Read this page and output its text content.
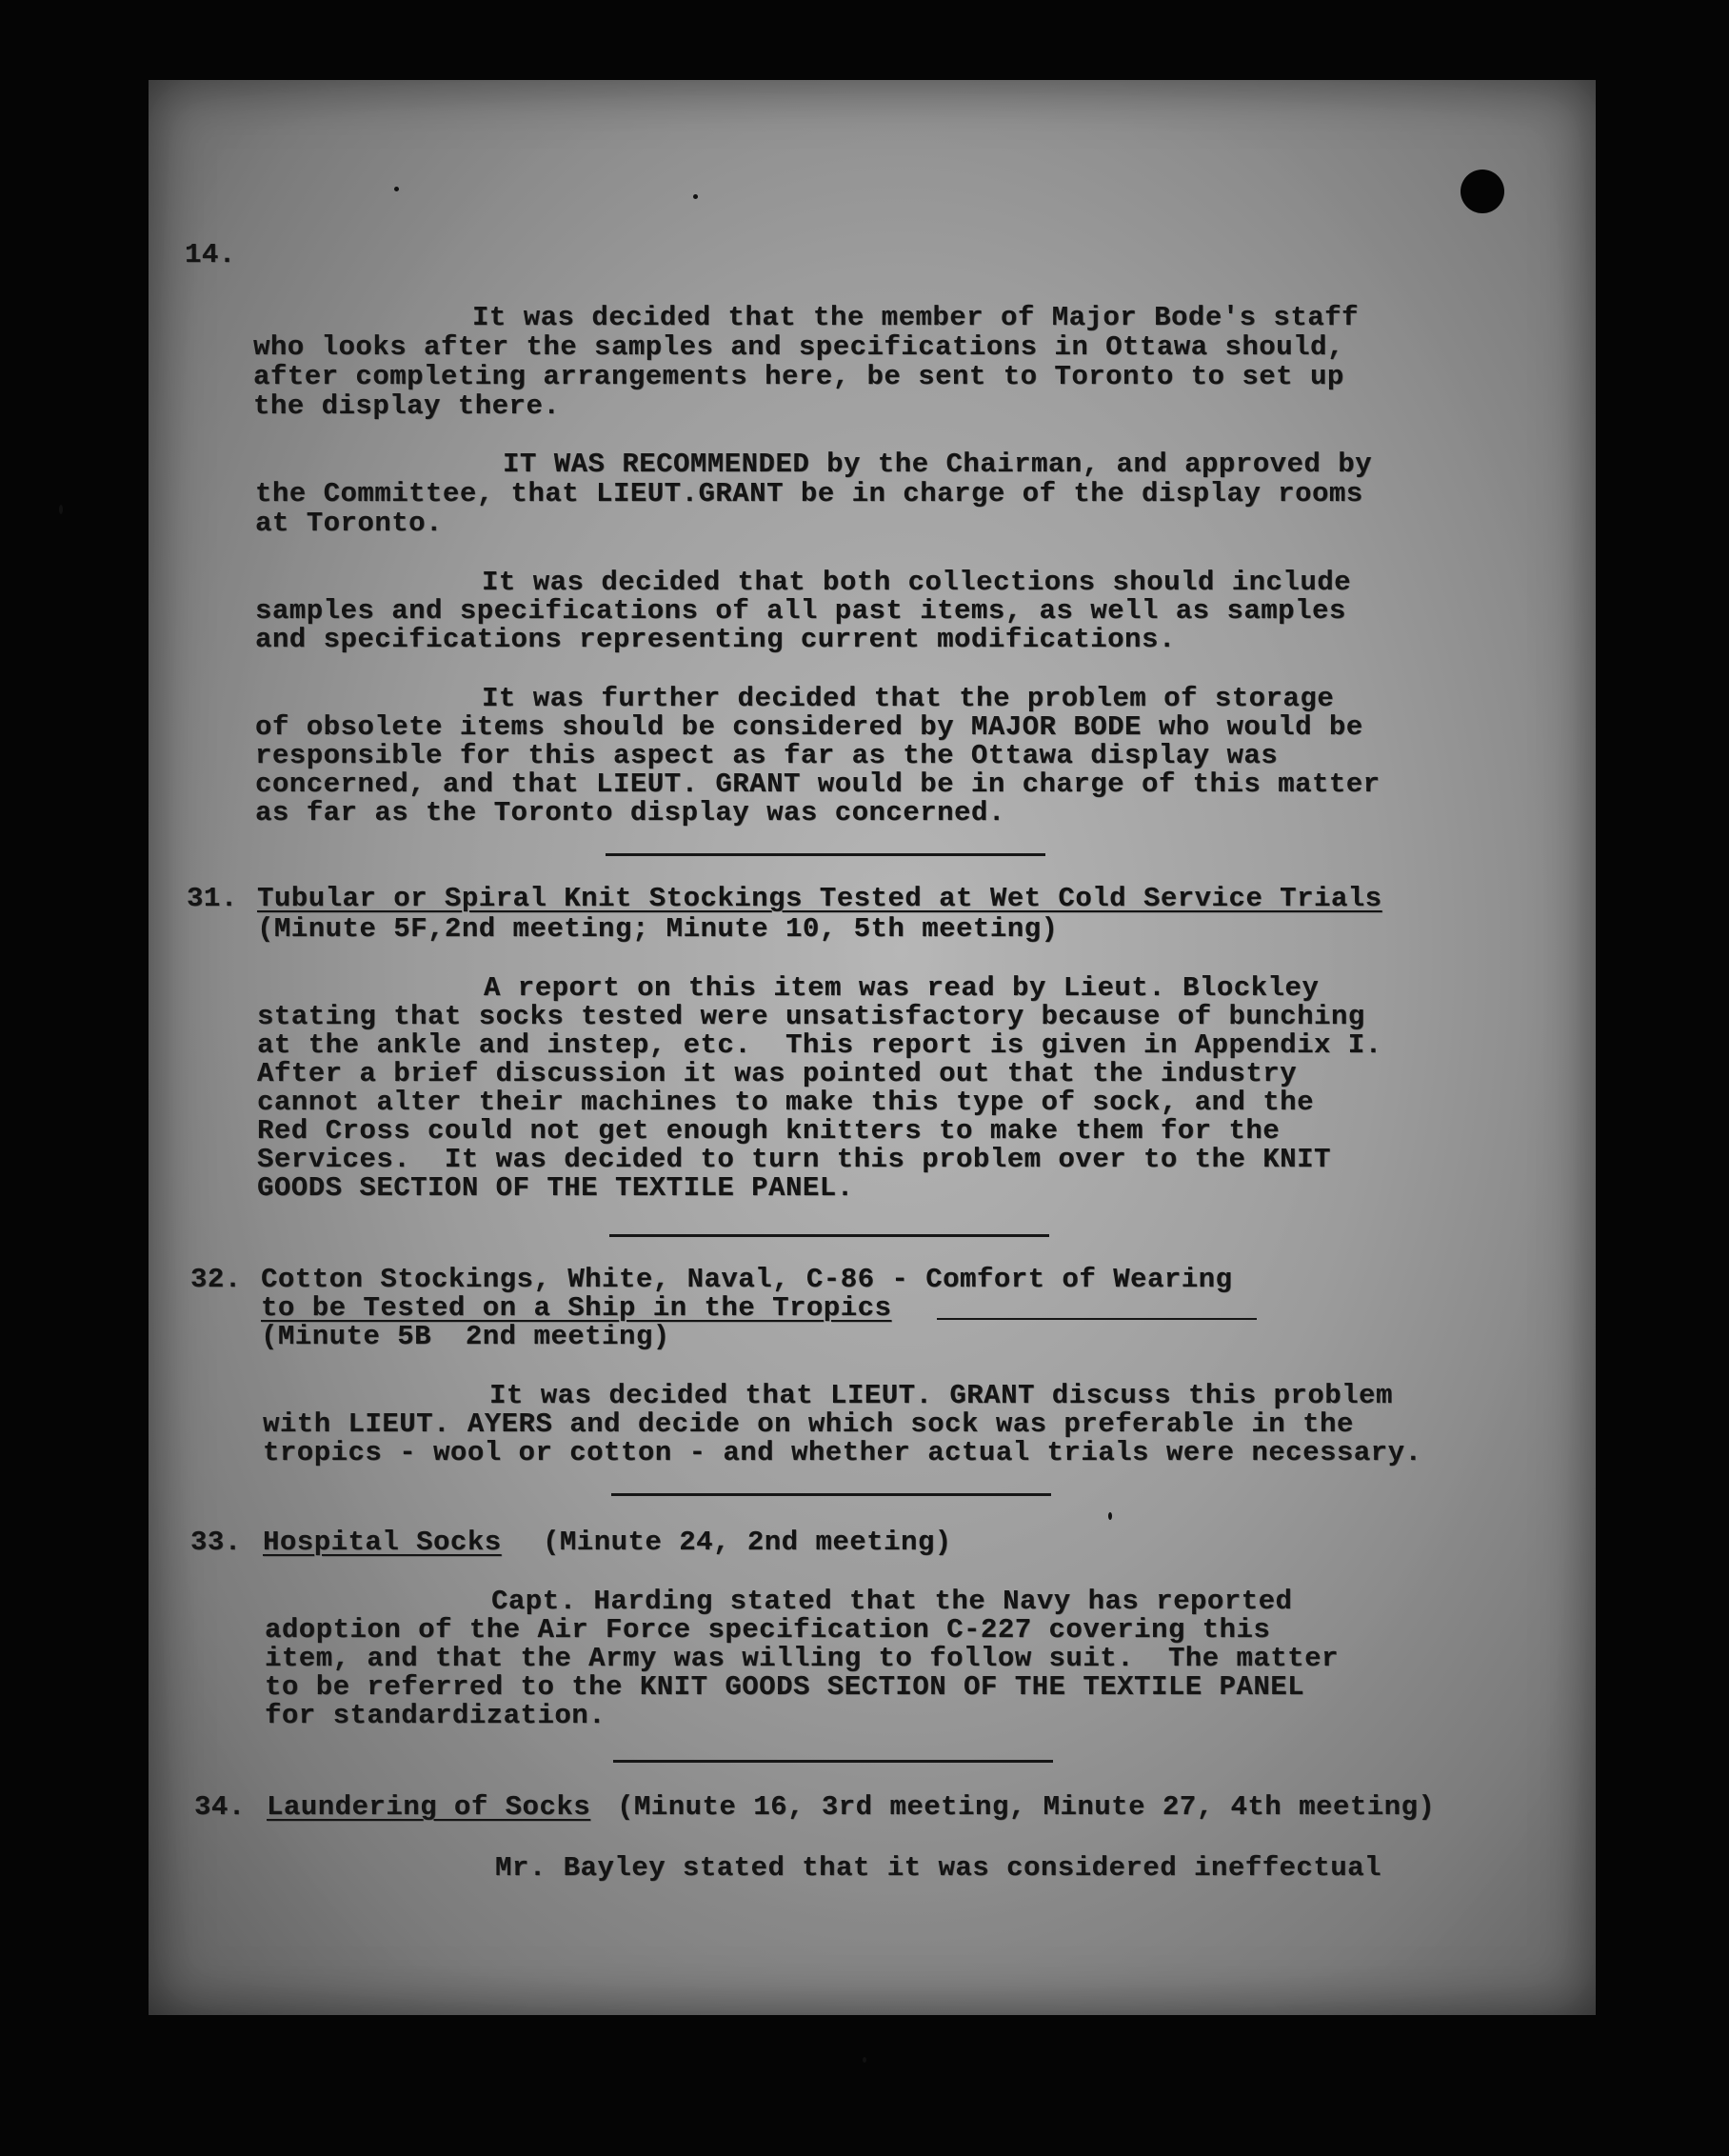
14.
It was decided that the member of Major Bode's staff
who looks after the samples and specifications in Ottawa should,
after completing arrangements here, be sent to Toronto to set up
the display there.
IT WAS RECOMMENDED by the Chairman, and approved by
the Committee, that LIEUT.GRANT be in charge of the display rooms
at Toronto.
It was decided that both collections should include
samples and specifications of all past items, as well as samples
and specifications representing current modifications.
It was further decided that the problem of storage
of obsolete items should be considered by MAJOR BODE who would be
responsible for this aspect as far as the Ottawa display was
concerned, and that LIEUT. GRANT would be in charge of this matter
as far as the Toronto display was concerned.
31. Tubular or Spiral Knit Stockings Tested at Wet Cold Service Trials
(Minute 5F,2nd meeting; Minute 10, 5th meeting)
A report on this item was read by Lieut. Blockley
stating that socks tested were unsatisfactory because of bunching
at the ankle and instep, etc.  This report is given in Appendix I.
After a brief discussion it was pointed out that the industry
cannot alter their machines to make this type of sock, and the
Red Cross could not get enough knitters to make them for the
Services.  It was decided to turn this problem over to the KNIT
GOODS SECTION OF THE TEXTILE PANEL.
32. Cotton Stockings, White, Naval, C-86 - Comfort of Wearing
to be Tested on a Ship in the Tropics
(Minute 5B  2nd meeting)
It was decided that LIEUT. GRANT discuss this problem
with LIEUT. AYERS and decide on which sock was preferable in the
tropics - wool or cotton - and whether actual trials were necessary.
33. Hospital Socks (Minute 24, 2nd meeting)
Capt. Harding stated that the Navy has reported
adoption of the Air Force specification C-227 covering this
item, and that the Army was willing to follow suit.  The matter
to be referred to the KNIT GOODS SECTION OF THE TEXTILE PANEL
for standardization.
34. Laundering of Socks (Minute 16, 3rd meeting, Minute 27, 4th meeting)
Mr. Bayley stated that it was considered ineffectual
